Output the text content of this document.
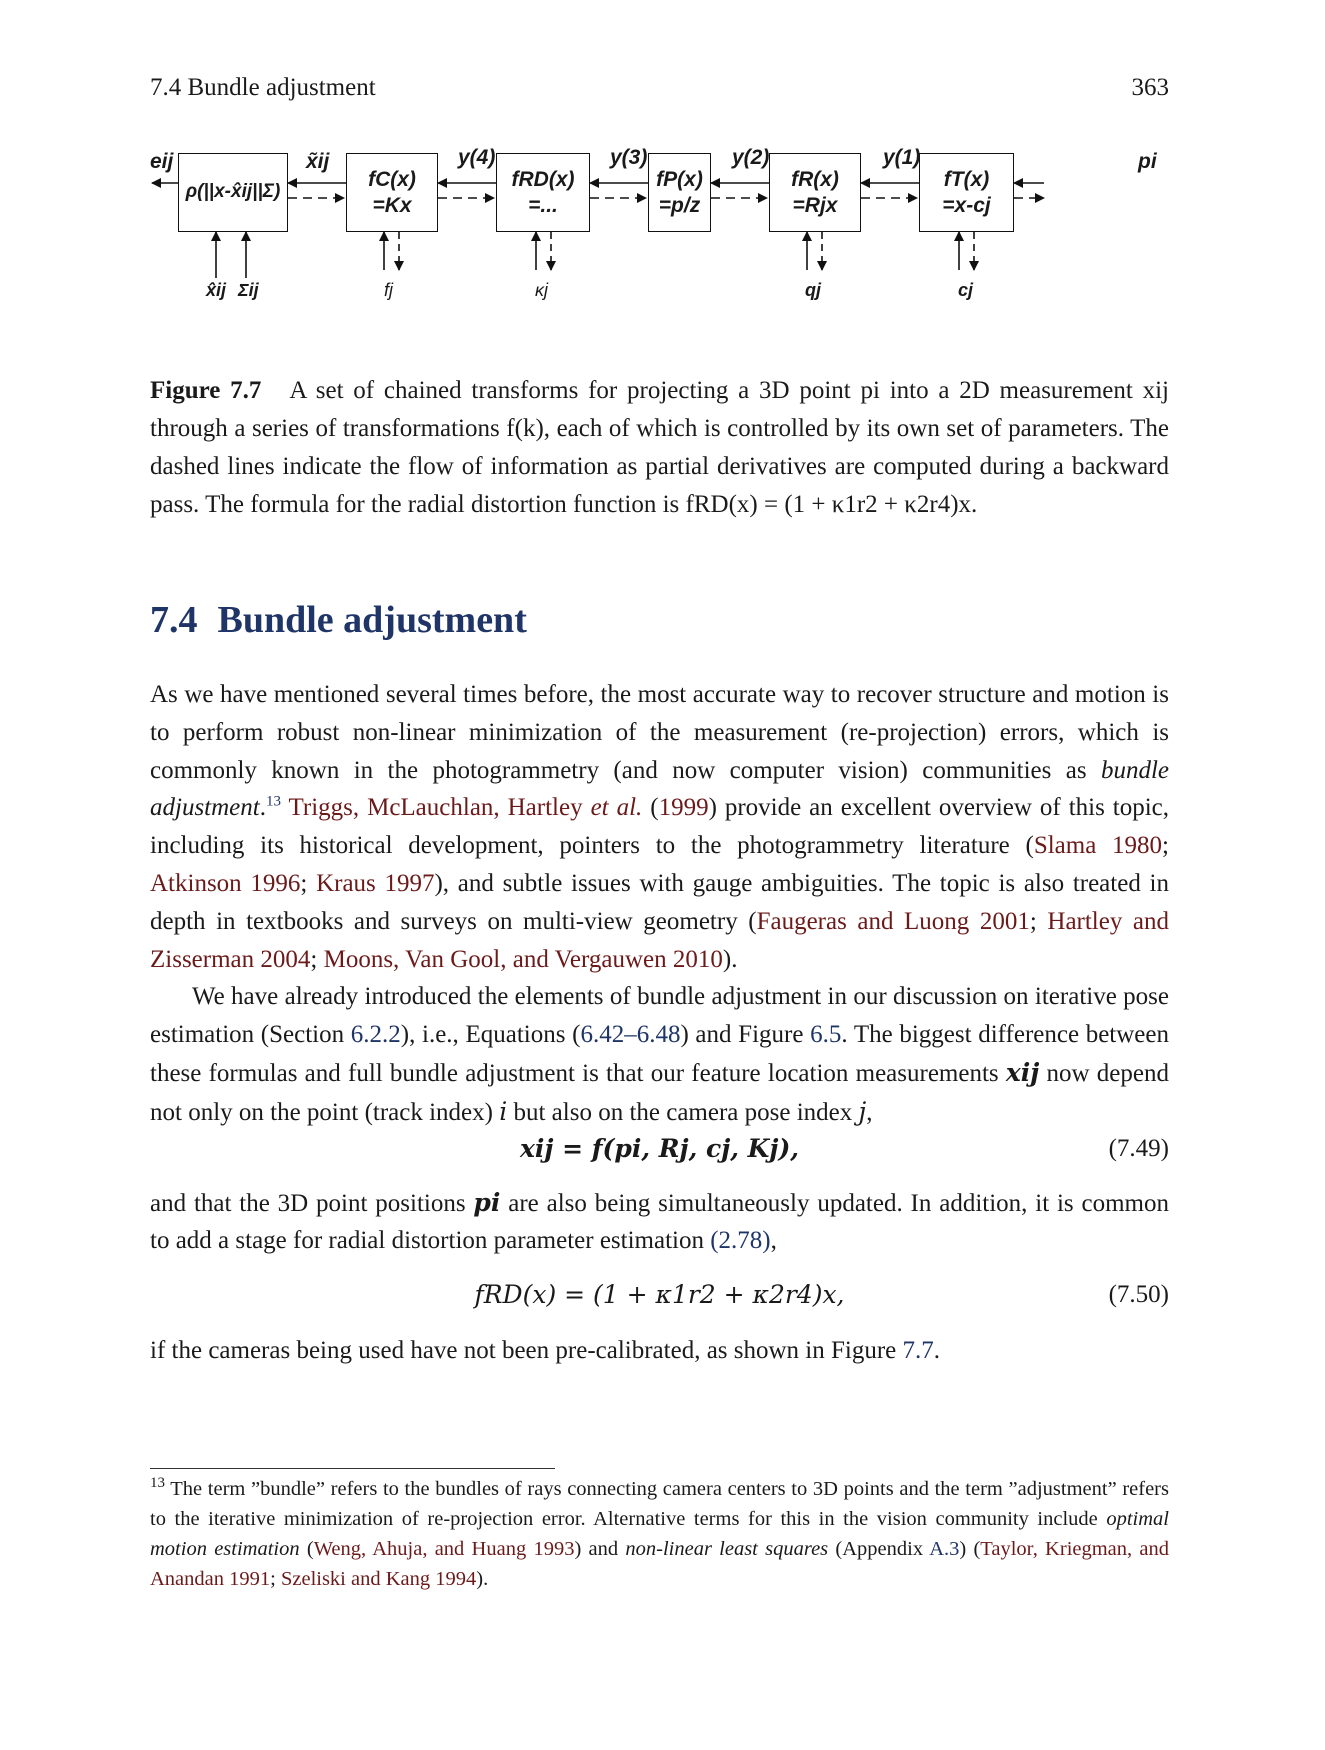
7.4 Bundle adjustment	363
ρ(||x-x̂ij||Σ)
fC(x)
=Kx
fRD(x)
=...
fP(x)
=p/z
fR(x)
=Rjx
fT(x)
=x-cj
eij	x̃ij	y(4)	y(3)	y(2)	y(1)	pi
x̂ij Σij	fj	κj	qj	cj
Figure 7.7 A set of chained transforms for projecting a 3D point pi into a 2D measurement xij through a series of transformations f(k), each of which is controlled by its own set of parameters. The dashed lines indicate the flow of information as partial derivatives are computed during a backward pass. The formula for the radial distortion function is fRD(x) = (1 + κ1r2 + κ2r4)x.
7.4 Bundle adjustment

As we have mentioned several times before, the most accurate way to recover structure and motion is to perform robust non-linear minimization of the measurement (re-projection) errors, which is commonly known in the photogrammetry (and now computer vision) communities as bundle adjustment.$^{13}$ Triggs, McLauchlan, Hartley et al. (1999) provide an excellent overview of this topic, including its historical development, pointers to the photogrammetry literature (Slama 1980; Atkinson 1996; Kraus 1997), and subtle issues with gauge ambiguities. The topic is also treated in depth in textbooks and surveys on multi-view geometry (Faugeras and Luong 2001; Hartley and Zisserman 2004; Moons, Van Gool, and Vergauwen 2010).

We have already introduced the elements of bundle adjustment in our discussion on iterative pose estimation (Section 6.2.2), i.e., Equations (6.42–6.48) and Figure 6.5. The biggest difference between these formulas and full bundle adjustment is that our feature location measurements xij now depend not only on the point (track index) i but also on the camera pose index j,

xij = f(pi, Rj, cj, Kj),	(7.49)

and that the 3D point positions pi are also being simultaneously updated. In addition, it is common to add a stage for radial distortion parameter estimation (2.78),

fRD(x) = (1 + κ1r2 + κ2r4)x,	(7.50)

if the cameras being used have not been pre-calibrated, as shown in Figure 7.7.

$^{13}$ The term ”bundle” refers to the bundles of rays connecting camera centers to 3D points and the term ”adjustment” refers to the iterative minimization of re-projection error. Alternative terms for this in the vision community include optimal motion estimation (Weng, Ahuja, and Huang 1993) and non-linear least squares (Appendix A.3) (Taylor, Kriegman, and Anandan 1991; Szeliski and Kang 1994).
